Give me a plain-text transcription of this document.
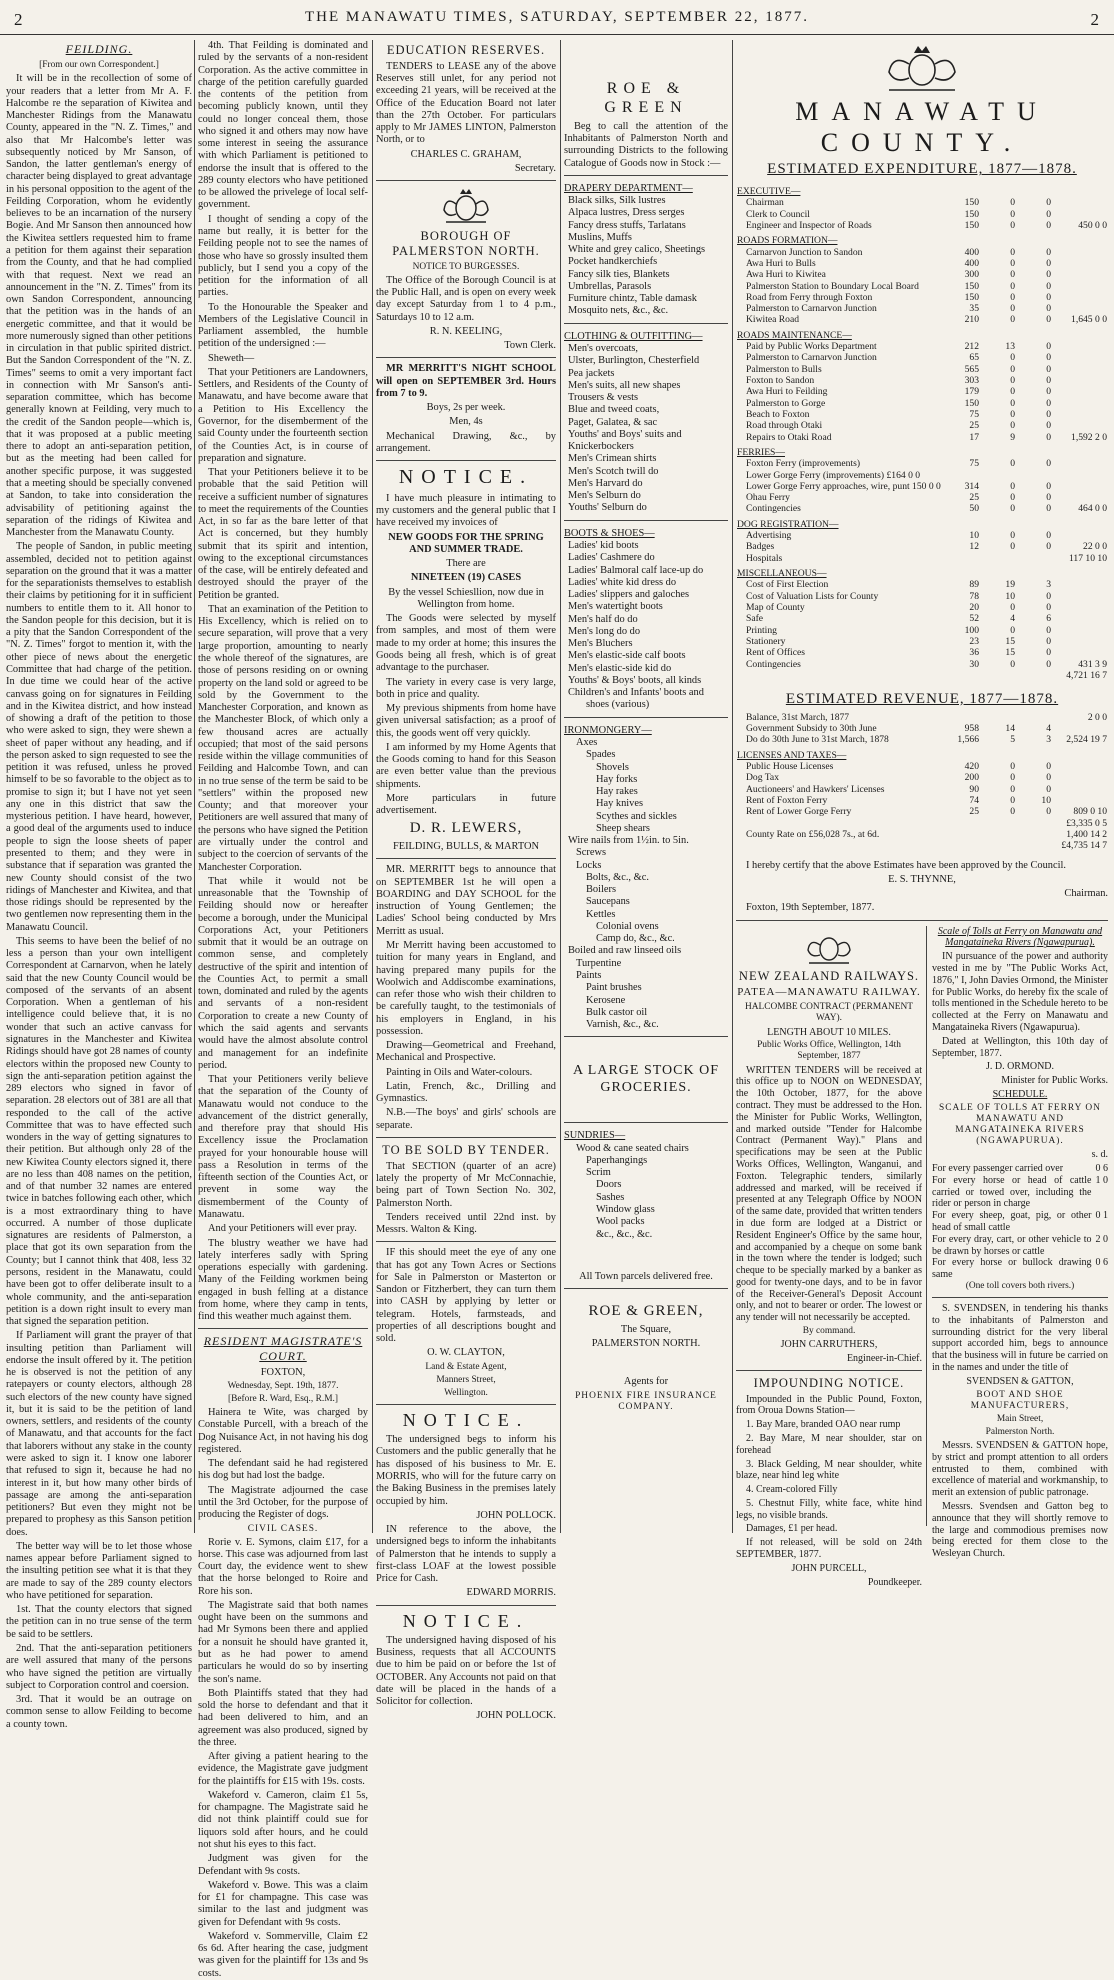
2	THE MANAWATU TIMES, SATURDAY, SEPTEMBER 22, 1877.	2
FEILDING.

[From our own Correspondent.]

It will be in the recollection of some of your readers that a letter from Mr A. F. Halcombe re the separation of Kiwitea and Manchester Ridings from the Manawatu County, appeared in the "N. Z. Times," and also that Mr Halcombe's letter was subsequently noticed by Mr Sanson, of Sandon, the latter gentleman's energy of character being displayed to great advantage in his personal opposition to the agent of the Feilding Corporation, whom he evidently believes to be an incarnation of the nursery Bogie. And Mr Sanson then announced how the Kiwitea settlers requested him to frame a petition for them against their separation from the County, and that he had complied with that request. Next we read an announcement in the "N. Z. Times" from its own Sandon Correspondent, announcing that the petition was in the hands of an energetic committee, and that it would be more numerously signed than other petitions in circulation in that public spirited district. But the Sandon Correspondent of the "N. Z. Times" seems to omit a very important fact in connection with Mr Sanson's anti-separation committee, which has become generally known at Feilding, very much to the credit of the Sandon people—which is, that it was proposed at a public meeting there to adopt an anti-separation petition, but as the meeting had been called for another specific purpose, it was suggested that a meeting should be specially convened at Sandon, to take into consideration the advisability of petitioning against the separation of the ridings of Kiwitea and Manchester from the Manawatu County.

The people of Sandon, in public meeting assembled, decided not to petition against separation on the ground that it was a matter for the separationists themselves to establish their claims by petitioning for it in sufficient numbers to entitle them to it. All honor to the Sandon people for this decision, but it is a pity that the Sandon Correspondent of the "N. Z. Times" forgot to mention it, with the other piece of news about the energetic Committee that had charge of the petition. In due time we could hear of the active canvass going on for signatures in Feilding and in the Kiwitea district, and how instead of showing a draft of the petition to those who were asked to sign, they were shewn a sheet of paper without any heading, and if the person asked to sign requested to see the petition it was refused, unless he proved himself to be so favorable to the object as to promise to sign it; but I have not yet seen any one in this district that saw the mysterious petition. I have heard, however, a good deal of the arguments used to induce people to sign the loose sheets of paper presented to them; and they were in substance that if separation was granted the new County should consist of the two ridings of Manchester and Kiwitea, and that those ridings should be represented by the two gentlemen now representing them in the Manawatu Council.

This seems to have been the belief of no less a person than your own intelligent Correspondent at Carnarvon, when he lately said that the new County Council would be composed of the servants of an absent Corporation. When a gentleman of his intelligence could believe that, it is no wonder that such an active canvass for signatures in the Manchester and Kiwitea Ridings should have got 28 names of county electors within the proposed new County to sign the anti-separation petition against the 289 electors who signed in favor of separation. 28 electors out of 381 are all that responded to the call of the active Committee that was to have effected such wonders in the way of getting signatures to their petition. But although only 28 of the new Kiwitea County electors signed it, there are no less than 408 names on the petition, and of that number 32 names are entered twice in batches following each other, which is a most extraordinary thing to have occurred. A number of those duplicate signatures are residents of Palmerston, a place that got its own separation from the County; but I cannot think that 408, less 32 persons, resident in the Manawatu, could have been got to offer deliberate insult to a whole community, and the anti-separation petition is a down right insult to every man that signed the separation petition.

If Parliament will grant the prayer of that insulting petition than Parliament will endorse the insult offered by it. The petition he is observed is not the petition of any ratepayers or county electors, although 28 such electors of the new county have signed it, but it is said to be the petition of land owners, settlers, and residents of the county of Manawatu, and that accounts for the fact that laborers without any stake in the county were asked to sign it. I know one laborer that refused to sign it, because he had no interest in it, but how many other birds of passage are among the anti-separation petitioners? But even they might not be prepared to prophesy as this Sanson petition does.

The better way will be to let those whose names appear before Parliament signed to the insulting petition see what it is that they are made to say of the 289 county electors who have petitioned for separation.

1st. That the county electors that signed the petition can in no true sense of the term be said to be settlers.

2nd. That the anti-separation petitioners are well assured that many of the persons who have signed the petition are virtually subject to Corporation control and coersion.

3rd. That it would be an outrage on common sense to allow Feilding to become a county town.

4th. That Feilding is dominated and ruled by the servants of a non-resident Corporation. As the active committee in charge of the petition carefully guarded the contents of the petition from becoming publicly known, until they could no longer conceal them, those who signed it and others may now have some interest in seeing the assurance with which Parliament is petitioned to endorse the insult that is offered to the 289 county electors who have petitioned to be allowed the privelege of local self-government.

I thought of sending a copy of the name but really, it is better for the Feilding people not to see the names of those who have so grossly insulted them publicly, but I send you a copy of the petition for the information of all parties.

To the Honourable the Speaker and Members of the Legislative Council in Parliament assembled, the humble petition of the undersigned :—

Sheweth—

That your Petitioners are Landowners, Settlers, and Residents of the County of Manawatu, and have become aware that a Petition to His Excellency the Governor, for the disemberment of the said County under the fourteenth section of the Counties Act, is in course of preparation and signature.

That your Petitioners believe it to be probable that the said Petition will receive a sufficient number of signatures to meet the requirements of the Counties Act, in so far as the bare letter of that Act is concerned, but they humbly submit that its spirit and intention, owing to the exceptional circumstances of the case, will be entirely defeated and destroyed should the prayer of the Petition be granted.

That an examination of the Petition to His Excellency, which is relied on to secure separation, will prove that a very large proportion, amounting to nearly the whole thereof of the signatures, are those of persons residing on or owning property on the land sold or agreed to be sold by the Government to the Manchester Corporation, and known as the Manchester Block, of which only a few thousand acres are actually occupied; that most of the said persons reside within the village communities of Feilding and Halcombe Town, and can in no true sense of the term be said to be "settlers" within the proposed new County; and that moreover your Petitioners are well assured that many of the persons who have signed the Petition are virtually under the control and subject to the coercion of servants of the Manchester Corporation.

That while it would not be unreasonable that the Township of Feilding should now or hereafter become a borough, under the Municipal Corporations Act, your Petitioners submit that it would be an outrage on common sense, and completely destructive of the spirit and intention of the Counties Act, to permit a small town, dominated and ruled by the agents and servants of a non-resident Corporation to create a new County of which the said agents and servants would have the almost absolute control and management for an indefinite period.

That your Petitioners verily believe that the separation of the County of Manawatu would not conduce to the advancement of the district generally, and therefore pray that should His Excellency issue the Proclamation prayed for your honourable house will pass a Resolution in terms of the fifteenth section of the Counties Act, or prevent in some way the dismemberment of the County of Manawatu.

And your Petitioners will ever pray.

The blustry weather we have had lately interferes sadly with Spring operations especially with gardening. Many of the Feilding workmen being engaged in bush felling at a distance from home, where they camp in tents, find this weather much against them.

RESIDENT MAGISTRATE'S COURT.

FOXTON,

Wednesday, Sept. 19th, 1877.

[Before R. Ward, Esq., R.M.]

Hainera te Wite, was charged by Constable Purcell, with a breach of the Dog Nuisance Act, in not having his dog registered.

The defendant said he had registered his dog but had lost the badge.

The Magistrate adjourned the case until the 3rd October, for the purpose of producing the Register of dogs.

CIVIL CASES.

Rorie v. E. Symons, claim £17, for a horse. This case was adjourned from last Court day, the evidence went to shew that the horse belonged to Roire and Rore his son.

The Magistrate said that both names ought have been on the summons and had Mr Symons been there and applied for a nonsuit he should have granted it, but as he had power to amend particulars he would do so by inserting the son's name.

Both Plaintiffs stated that they had sold the horse to defendant and that it had been delivered to him, and an agreement was also produced, signed by the three.

After giving a patient hearing to the evidence, the Magistrate gave judgment for the plaintiffs for £15 with 19s. costs.

Wakeford v. Cameron, claim £1 5s, for champagne. The Magistrate said he did not think plaintiff could sue for liquors sold after hours, and he could not shut his eyes to this fact.

Judgment was given for the Defendant with 9s costs.

Wakeford v. Bowe. This was a claim for £1 for champagne. This case was similar to the last and judgment was given for Defendant with 9s costs.

Wakeford v. Sommerville, Claim £2 6s 6d. After hearing the case, judgment was given for the plaintiff for 13s and 9s costs.

EDUCATION RESERVES.

TENDERS to LEASE any of the above Reserves still unlet, for any period not exceeding 21 years, will be received at the Office of the Education Board not later than the 27th October. For particulars apply to Mr JAMES LINTON, Palmerston North, or to

CHARLES C. GRAHAM,

Secretary.

BOROUGH OF PALMERSTON NORTH.

NOTICE TO BURGESSES.

The Office of the Borough Council is at the Public Hall, and is open on every week day except Saturday from 1 to 4 p.m., Saturdays 10 to 12 a.m.

R. N. KEELING,

Town Clerk.

MR MERRITT'S NIGHT SCHOOL will open on SEPTEMBER 3rd. Hours from 7 to 9.

Boys, 2s per week.

Men, 4s

Mechanical Drawing, &c., by arrangement.

NOTICE.

I have much pleasure in intimating to my customers and the general public that I have received my invoices of

NEW GOODS FOR THE SPRING AND SUMMER TRADE.

There are

NINETEEN (19) CASES

By the vessel Schiesllion, now due in Wellington from home.

The Goods were selected by myself from samples, and most of them were made to my order at home; this insures the Goods being all fresh, which is of great advantage to the purchaser.

The variety in every case is very large, both in price and quality.

My previous shipments from home have given universal satisfaction; as a proof of this, the goods went off very quickly.

I am informed by my Home Agents that the Goods coming to hand for this Season are even better value than the previous shipments.

More particulars in future advertisement.

D. R. LEWERS,

FEILDING, BULLS, & MARTON

MR. MERRITT begs to announce that on SEPTEMBER 1st he will open a BOARDING and DAY SCHOOL for the instruction of Young Gentlemen; the Ladies' School being conducted by Mrs Merritt as usual.

Mr Merritt having been accustomed to tuition for many years in England, and having prepared many pupils for the Woolwich and Addiscombe examinations, can refer those who wish their children to be carefully taught, to the testimonials of his employers in England, in his possession.

Drawing—Geometrical and Freehand, Mechanical and Prospective.

Painting in Oils and Water-colours.

Latin, French, &c., Drilling and Gymnastics.

N.B.—The boys' and girls' schools are separate.

TO BE SOLD BY TENDER.

That SECTION (quarter of an acre) lately the property of Mr McConnachie, being part of Town Section No. 302, Palmerston North.

Tenders received until 22nd inst. by Messrs. Walton & King.

IF this should meet the eye of any one that has got any Town Acres or Sections for Sale in Palmerston or Masterton or Sandon or Fitzherbert, they can turn them into CASH by applying by letter or telegram. Hotels, farmsteads, and properties of all descriptions bought and sold.

O. W. CLAYTON,

Land & Estate Agent,

Manners Street,

Wellington.

NOTICE.

The undersigned begs to inform his Customers and the public generally that he has disposed of his business to Mr. E. MORRIS, who will for the future carry on the Baking Business in the premises lately occupied by him.

JOHN POLLOCK.

IN reference to the above, the undersigned begs to inform the inhabitants of Palmerston that he intends to supply a first-class LOAF at the lowest possible Price for Cash.

EDWARD MORRIS.

NOTICE.

The undersigned having disposed of his Business, requests that all ACCOUNTS due to him be paid on or before the 1st of OCTOBER. Any Accounts not paid on that date will be placed in the hands of a Solicitor for collection.

JOHN POLLOCK.

ROE & GREEN

Beg to call the attention of the Inhabitants of Palmerston North and surrounding Districts to the following Catalogue of Goods now in Stock :—

DRAPERY DEPARTMENT—
Black silks, Silk lustres
Alpaca lustres, Dress serges
Fancy dress stuffs, Tarlatans
Muslins, Muffs
White and grey calico, Sheetings
Pocket handkerchiefs
Fancy silk ties, Blankets
Umbrellas, Parasols
Furniture chintz, Table damask
Mosquito nets, &c., &c.
CLOTHING & OUTFITTING—
Men's overcoats,
Ulster, Burlington, Chesterfield
Pea jackets
Men's suits, all new shapes
Trousers & vests
Blue and tweed coats,
Paget, Galatea, & sac
Youths' and Boys' suits and
Knickerbockers
Men's Crimean shirts
Men's Scotch twill do
Men's Harvard do
Men's Selburn do
Youths' Selburn do
BOOTS & SHOES—
Ladies' kid boots
Ladies' Cashmere do
Ladies' Balmoral calf lace-up do
Ladies' white kid dress do
Ladies' slippers and galoches
Men's watertight boots
Men's half do do
Men's long do do
Men's Bluchers
Men's elastic-side calf boots
Men's elastic-side kid do
Youths' & Boys' boots, all kinds
Children's and Infants' boots and
shoes (various)
IRONMONGERY—
Axes
Spades
Shovels
Hay forks
Hay rakes
Hay knives
Scythes and sickles
Sheep shears
Wire nails from 1½in. to 5in.
Screws
Locks
Bolts, &c., &c.
Boilers
Saucepans
Kettles
Colonial ovens
Camp do, &c., &c.
Boiled and raw linseed oils
Turpentine
Paints
Paint brushes
Kerosene
Bulk castor oil
Varnish, &c., &c.
A LARGE STOCK OF GROCERIES.
SUNDRIES—
Wood & cane seated chairs
Paperhangings
Scrim
Doors
Sashes
Window glass
Wool packs
&c., &c., &c.

All Town parcels delivered free.

ROE & GREEN,

The Square,

PALMERSTON NORTH.

Agents for

PHOENIX FIRE INSURANCE COMPANY.

MANAWATU COUNTY.
ESTIMATED EXPENDITURE, 1877—1878.
EXECUTIVE—				
Chairman	150	0	0	
Clerk to Council	150	0	0	
Engineer and Inspector of Roads	150	0	0	450 0 0
ROADS FORMATION—				
Carnarvon Junction to Sandon	400	0	0	
Awa Huri to Bulls	400	0	0	
Awa Huri to Kiwitea	300	0	0	
Palmerston Station to Boundary Local Board	150	0	0	
Road from Ferry through Foxton	150	0	0	
Palmerston to Carnarvon Junction	35	0	0	
Kiwitea Road	210	0	0	1,645 0 0
ROADS MAINTENANCE—				
Paid by Public Works Department	212	13	0	
Palmerston to Carnarvon Junction	65	0	0	
Palmerston to Bulls	565	0	0	
Foxton to Sandon	303	0	0	
Awa Huri to Feilding	179	0	0	
Palmerston to Gorge	150	0	0	
Beach to Foxton	75	0	0	
Road through Otaki	25	0	0	
Repairs to Otaki Road	17	9	0	1,592 2 0
FERRIES—				
Foxton Ferry (improvements)	75	0	0	
Lower Gorge Ferry (improvements) £164 0 0				
Lower Gorge Ferry approaches, wire, punt 150 0 0	314	0	0	
Ohau Ferry	25	0	0	
Contingencies	50	0	0	464 0 0
DOG REGISTRATION—				
Advertising	10	0	0	
Badges	12	0	0	22 0 0
Hospitals				117 10 10
MISCELLANEOUS—				
Cost of First Election	89	19	3	
Cost of Valuation Lists for County	78	10	0	
Map of County	20	0	0	
Safe	52	4	6	
Printing	100	0	0	
Stationery	23	15	0	
Rent of Offices	36	15	0	
Contingencies	30	0	0	431 3 9
				4,721 16 7
ESTIMATED REVENUE, 1877—1878.
Balance, 31st March, 1877				2 0 0
Government Subsidy to 30th June	958	14	4	
Do do 30th June to 31st March, 1878	1,566	5	3	2,524 19 7
LICENSES AND TAXES—				
Public House Licenses	420	0	0	
Dog Tax	200	0	0	
Auctioneers' and Hawkers' Licenses	90	0	0	
Rent of Foxton Ferry	74	0	10	
Rent of Lower Gorge Ferry	25	0	0	809 0 10
				£3,335 0 5
County Rate on £56,028 7s., at 6d.				1,400 14 2
				£4,735 14 7

I hereby certify that the above Estimates have been approved by the Council.

E. S. THYNNE,

Chairman.

Foxton, 19th September, 1877.

NEW ZEALAND RAILWAYS.
PATEA—MANAWATU RAILWAY.

HALCOMBE CONTRACT (PERMANENT WAY).

LENGTH ABOUT 10 MILES.

Public Works Office, Wellington, 14th September, 1877

WRITTEN TENDERS will be received at this office up to NOON on WEDNESDAY, the 10th October, 1877, for the above contract. They must be addressed to the Hon. the Minister for Public Works, Wellington, and marked outside "Tender for Halcombe Contract (Permanent Way)." Plans and specifications may be seen at the Public Works Offices, Wellington, Wanganui, and Foxton. Telegraphic tenders, similarly addressed and marked, will be received if presented at any Telegraph Office by NOON of the same date, provided that written tenders in due form are lodged at a District or Resident Engineer's Office by the same hour, and accompanied by a cheque on some bank in the town where the tender is lodged; such cheque to be specially marked by a banker as good for twenty-one days, and to be in favor of the Receiver-General's Deposit Account only, and not to bearer or order. The lowest or any tender will not necessarily be accepted.

By command.

JOHN CARRUTHERS,

Engineer-in-Chief.

IMPOUNDING NOTICE.

Impounded in the Public Pound, Foxton, from Oroua Downs Station—

1. Bay Mare, branded OAO near rump

2. Bay Mare, M near shoulder, star on forehead

3. Black Gelding, M near shoulder, white blaze, near hind leg white

4. Cream-colored Filly

5. Chestnut Filly, white face, white hind legs, no visible brands.

Damages, £1 per head.

If not released, will be sold on 24th SEPTEMBER, 1877.

JOHN PURCELL,

Poundkeeper.

Scale of Tolls at Ferry on Manawatu and Mangataineka Rivers (Ngawapurua).

IN pursuance of the power and authority vested in me by "The Public Works Act, 1876," I, John Davies Ormond, the Minister for Public Works, do hereby fix the scale of tolls mentioned in the Schedule hereto to be collected at the Ferry on Manawatu and Mangataineka Rivers (Ngawapurua).

Dated at Wellington, this 10th day of September, 1877.

J. D. ORMOND.

Minister for Public Works.

SCHEDULE.

SCALE OF TOLLS AT FERRY ON MANAWATU AND MANGATAINEKA RIVERS (NGAWAPURUA).

s. d.

For every passenger carried over	0 6
For every horse or head of cattle carried or towed over, including the rider or person in charge
1 0
For every sheep, goat, pig, or other head of small cattle
0 1
For every dray, cart, or other vehicle to be drawn by horses or cattle
2 0
For every horse or bullock drawing same
0 6

(One toll covers both rivers.)

S. SVENDSEN, in tendering his thanks to the inhabitants of Palmerston and surrounding district for the very liberal support accorded him, begs to announce that the business will in future be carried on in the names and under the title of

SVENDSEN & GATTON,

BOOT AND SHOE MANUFACTURERS,

Main Street,

Palmerston North.

Messrs. SVENDSEN & GATTON hope, by strict and prompt attention to all orders entrusted to them, combined with excellence of material and workmanship, to merit an extension of public patronage.

Messrs. Svendsen and Gatton beg to announce that they will shortly remove to the large and commodious premises now being erected for them close to the Wesleyan Church.
